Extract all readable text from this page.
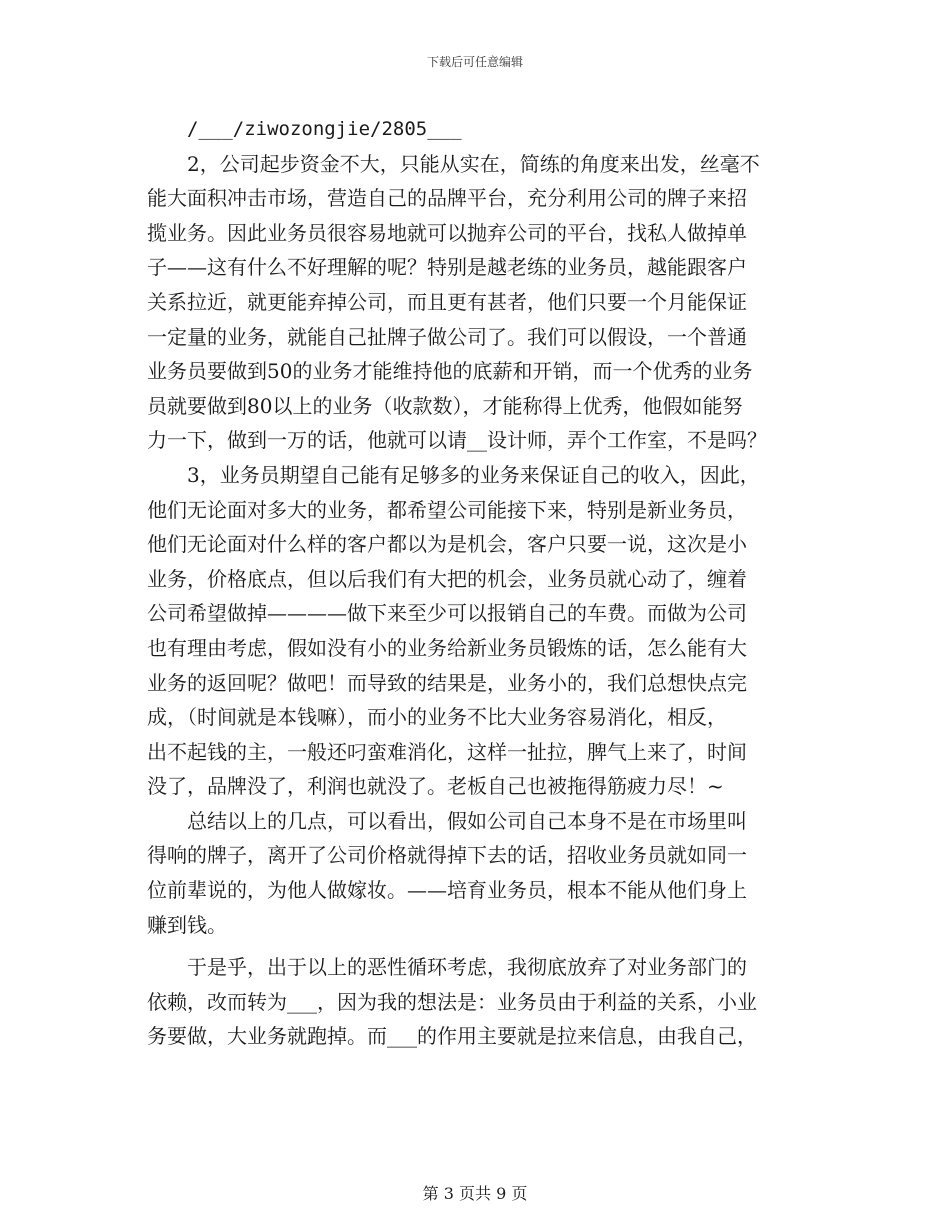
下载后可任意编辑
/___/ziwozongjie/2805___
2，公司起步资金不大，只能从实在，简练的角度来出发，丝毫不
能大面积冲击市场，营造自己的品牌平台，充分利用公司的牌子来招
揽业务。因此业务员很容易地就可以抛弃公司的平台，找私人做掉单
子——这有什么不好理解的呢？特别是越老练的业务员，越能跟客户
关系拉近，就更能弃掉公司，而且更有甚者，他们只要一个月能保证
一定量的业务，就能自己扯牌子做公司了。我们可以假设，一个普通
业务员要做到50的业务才能维持他的底薪和开销，而一个优秀的业务
员就要做到80以上的业务（收款数），才能称得上优秀，他假如能努
力一下，做到一万的话，他就可以请__设计师，弄个工作室，不是吗？
3，业务员期望自己能有足够多的业务来保证自己的收入，因此，
他们无论面对多大的业务，都希望公司能接下来，特别是新业务员，
他们无论面对什么样的客户都以为是机会，客户只要一说，这次是小
业务，价格底点，但以后我们有大把的机会，业务员就心动了，缠着
公司希望做掉————做下来至少可以报销自己的车费。而做为公司
也有理由考虑，假如没有小的业务给新业务员锻炼的话，怎么能有大
业务的返回呢？做吧！而导致的结果是，业务小的，我们总想快点完
成，（时间就是本钱嘛），而小的业务不比大业务容易消化，相反，
出不起钱的主，一般还叼蛮难消化，这样一扯拉，脾气上来了，时间
没了，品牌没了，利润也就没了。老板自己也被拖得筋疲力尽！~
总结以上的几点，可以看出，假如公司自己本身不是在市场里叫
得响的牌子，离开了公司价格就得掉下去的话，招收业务员就如同一
位前辈说的，为他人做嫁妆。——培育业务员，根本不能从他们身上
赚到钱。
于是乎，出于以上的恶性循环考虑，我彻底放弃了对业务部门的
依赖，改而转为___，因为我的想法是：业务员由于利益的关系，小业
务要做，大业务就跑掉。而___的作用主要就是拉来信息，由我自己，
第 3 页共 9 页
